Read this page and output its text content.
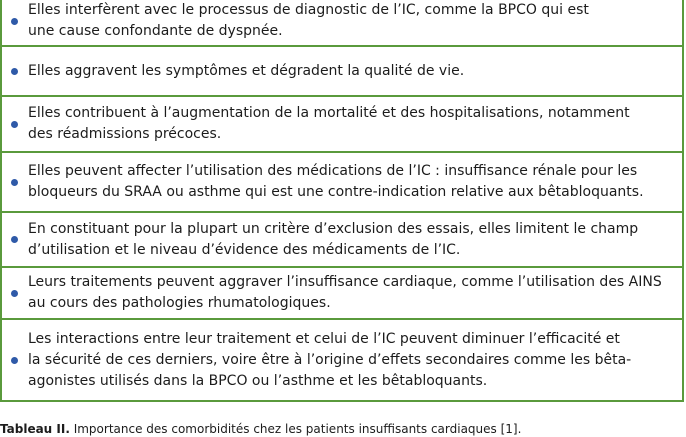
Elles interfèrent avec le processus de diagnostic de l’IC, comme la BPCO qui est
une cause confondante de dyspnée.
Elles aggravent les symptômes et dégradent la qualité de vie.
Elles contribuent à l’augmentation de la mortalité et des hospitalisations, notamment
des réadmissions précoces.
Elles peuvent affecter l’utilisation des médications de l’IC : insuffisance rénale pour les
bloqueurs du SRAA ou asthme qui est une contre-indication relative aux bêtabloquants.
En constituant pour la plupart un critère d’exclusion des essais, elles limitent le champ
d’utilisation et le niveau d’évidence des médicaments de l’IC.
Leurs traitements peuvent aggraver l’insuffisance cardiaque, comme l’utilisation des AINS
au cours des pathologies rhumatologiques.
Les interactions entre leur traitement et celui de l’IC peuvent diminuer l’efficacité et
la sécurité de ces derniers, voire être à l’origine d’effets secondaires comme les bêta-
agonistes utilisés dans la BPCO ou l’asthme et les bêtabloquants.
Tableau II. Importance des comorbidités chez les patients insuffisants cardiaques [1].
